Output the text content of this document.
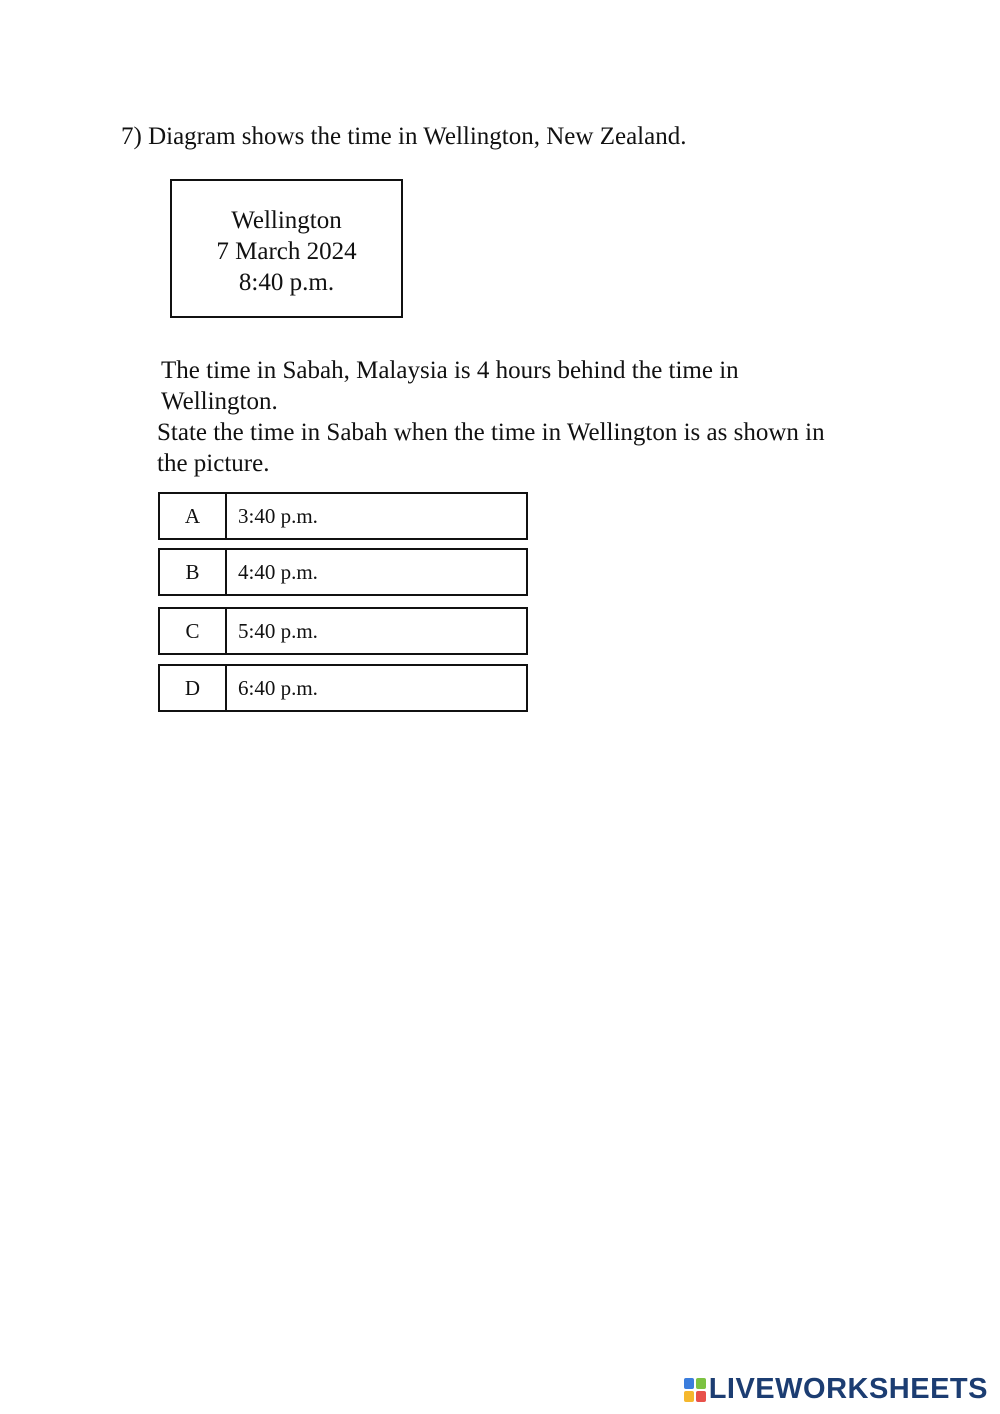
7) Diagram shows the time in Wellington, New Zealand.
Wellington
7 March 2024
8:40 p.m.
The time in Sabah, Malaysia is 4 hours behind the time in
Wellington.
State the time in Sabah when the time in Wellington is as shown in
the picture.
A	3:40 p.m.
B	4:40 p.m.
C	5:40 p.m.
D	6:40 p.m.
LIVEWORKSHEETS
